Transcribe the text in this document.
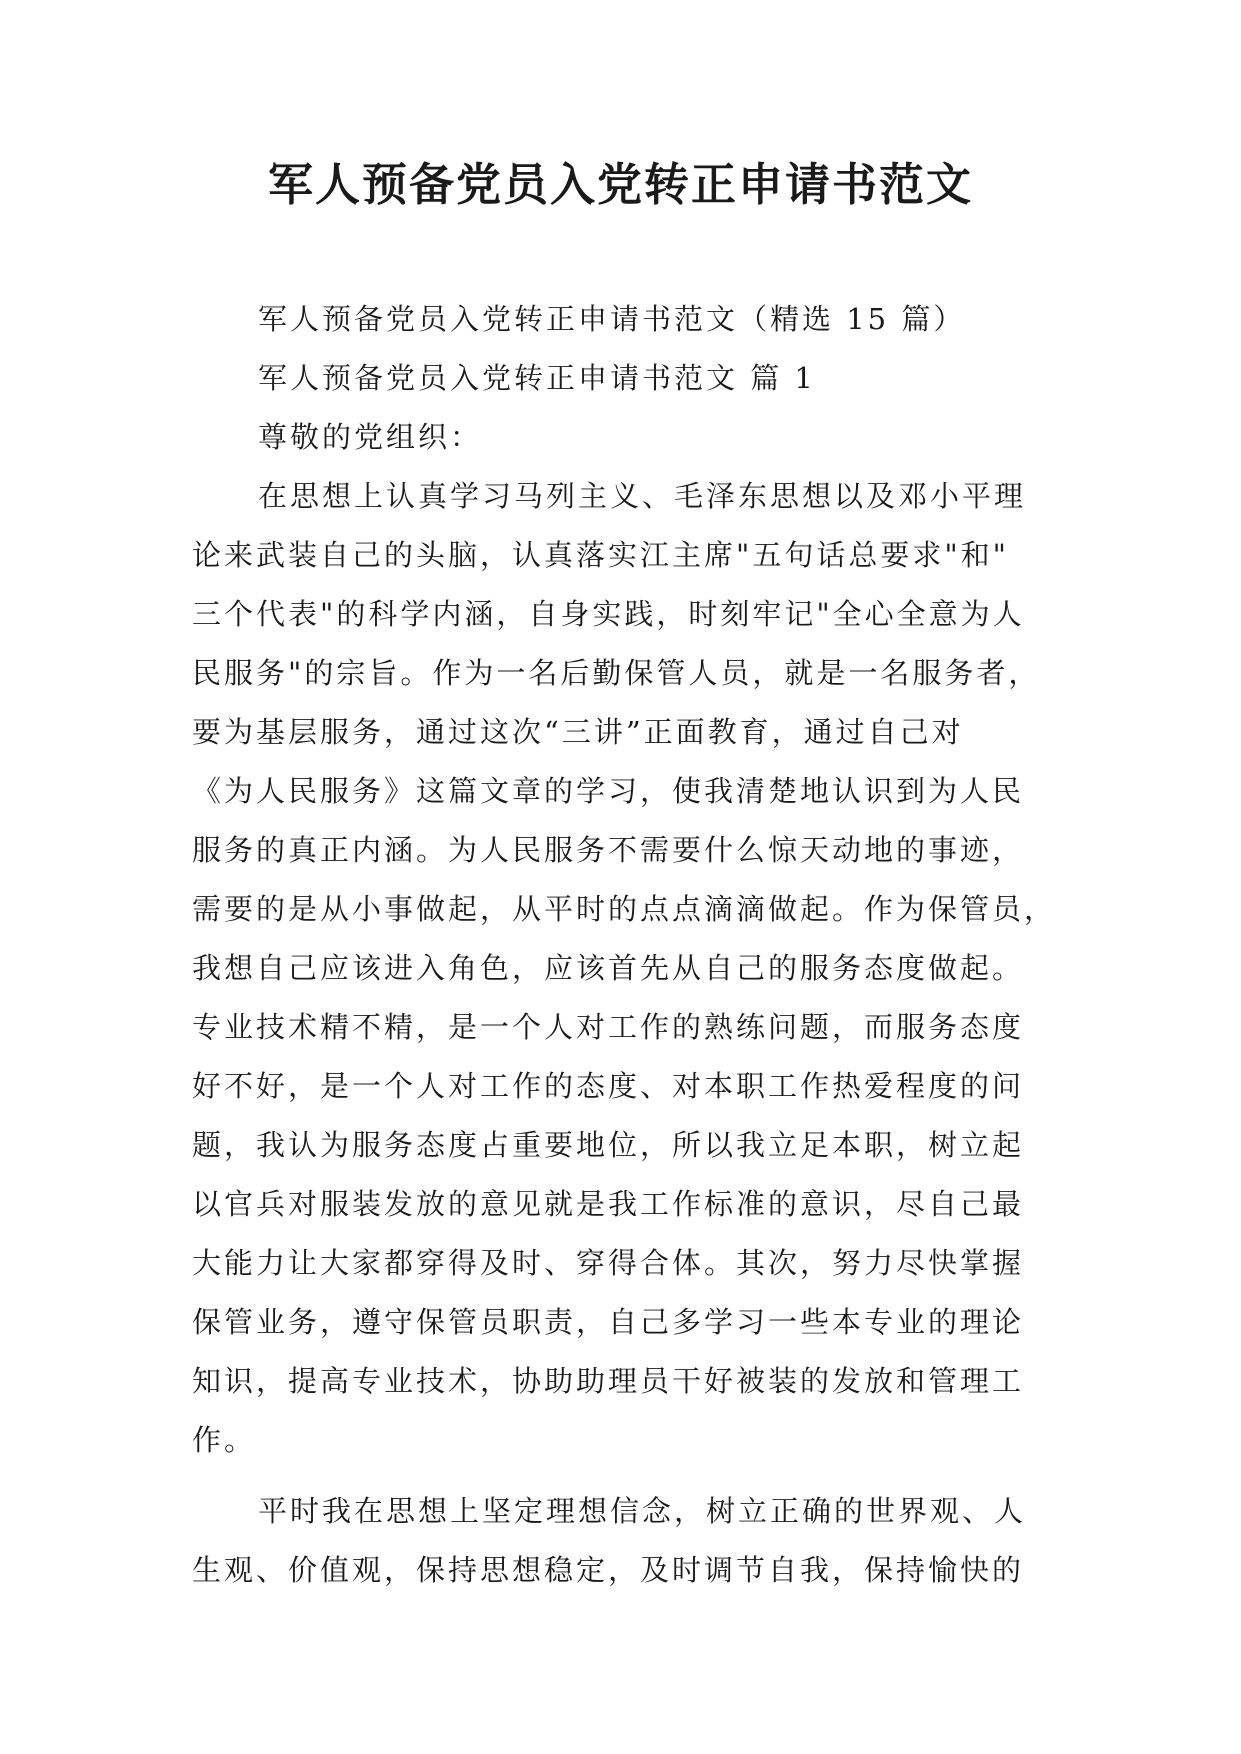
军人预备党员入党转正申请书范文

军人预备党员入党转正申请书范文（精选 15 篇）

军人预备党员入党转正申请书范文 篇 1

尊敬的党组织：

在思想上认真学习马列主义、毛泽东思想以及邓小平理

论来武装自己的头脑，认真落实江主席"五句话总要求"和"

三个代表"的科学内涵，自身实践，时刻牢记"全心全意为人

民服务"的宗旨。作为一名后勤保管人员，就是一名服务者，

要为基层服务，通过这次“三讲”正面教育，通过自己对

《为人民服务》这篇文章的学习，使我清楚地认识到为人民

服务的真正内涵。为人民服务不需要什么惊天动地的事迹，

需要的是从小事做起，从平时的点点滴滴做起。作为保管员，

我想自己应该进入角色，应该首先从自己的服务态度做起。

专业技术精不精，是一个人对工作的熟练问题，而服务态度

好不好，是一个人对工作的态度、对本职工作热爱程度的问

题，我认为服务态度占重要地位，所以我立足本职，树立起

以官兵对服装发放的意见就是我工作标准的意识，尽自己最

大能力让大家都穿得及时、穿得合体。其次，努力尽快掌握

保管业务，遵守保管员职责，自己多学习一些本专业的理论

知识，提高专业技术，协助助理员干好被装的发放和管理工

作。

平时我在思想上坚定理想信念，树立正确的世界观、人

生观、价值观，保持思想稳定，及时调节自我，保持愉快的
